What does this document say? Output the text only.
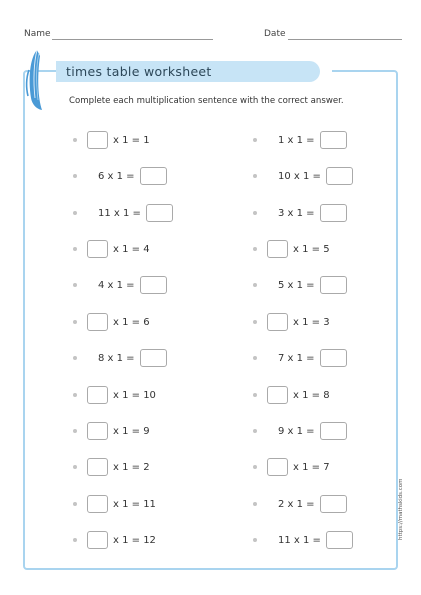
Name	Date
times table worksheet
Complete each multiplication sentence with the correct answer.
x 1 = 1
6 x 1 =
11 x 1 =
x 1 = 4
4 x 1 =
x 1 = 6
8 x 1 =
x 1 = 10
x 1 = 9
x 1 = 2
x 1 = 11
x 1 = 12
1 x 1 =
10 x 1 =
3 x 1 =
x 1 = 5
5 x 1 =
x 1 = 3
7 x 1 =
x 1 = 8
9 x 1 =
x 1 = 7
2 x 1 =
11 x 1 =	https://mathskids.com
